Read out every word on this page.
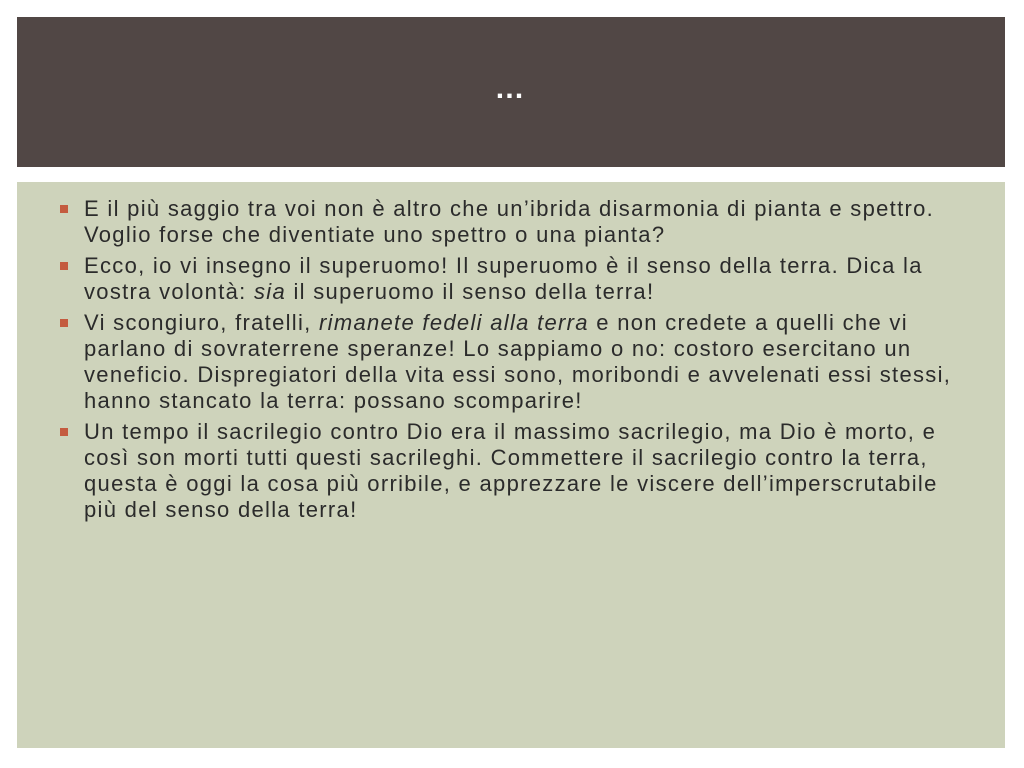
…
E il più saggio tra voi non è altro che un’ibrida disarmonia di pianta e spettro. Voglio forse che diventiate uno spettro o una pianta?
Ecco, io vi insegno il superuomo! Il superuomo è il senso della terra. Dica la vostra volontà: sia il superuomo il senso della terra!
Vi scongiuro, fratelli, rimanete fedeli alla terra e non credete a quelli che vi parlano di sovraterrene speranze! Lo sappiamo o no: costoro esercitano un veneficio. Dispregiatori della vita essi sono, moribondi e avvelenati essi stessi, hanno stancato la terra: possano scomparire!
Un tempo il sacrilegio contro Dio era il massimo sacrilegio, ma Dio è morto, e così son morti tutti questi sacrileghi. Commettere il sacrilegio contro la terra, questa è oggi la cosa più orribile, e apprezzare le viscere dell’imperscrutabile più del senso della terra!
